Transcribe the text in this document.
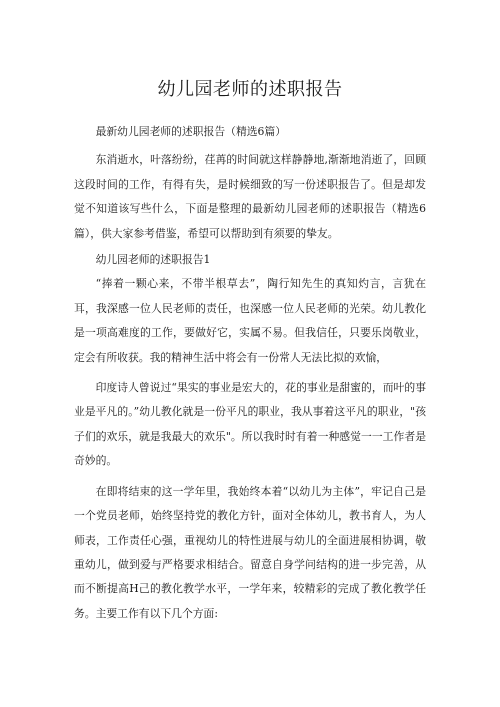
幼儿园老师的述职报告

最新幼儿园老师的述职报告（精选6篇）

东消逝水，叶落纷纷，荏苒的时间就这样静静地,渐渐地消逝了，回顾这段时间的工作，有得有失，是时候细致的写一份述职报告了。但是却发觉不知道该写些什么，下面是整理的最新幼儿园老师的述职报告（精选6篇），供大家参考借鉴，希望可以帮助到有须要的挚友。

幼儿园老师的述职报告1

“捧着一颗心来，不带半根草去”，陶行知先生的真知灼言，言犹在耳，我深感一位人民老师的责任，也深感一位人民老师的光荣。幼儿教化是一项高难度的工作，要做好它，实属不易。但我信任，只要乐岗敬业，定会有所收获。我的精神生活中将会有一份常人无法比拟的欢愉，

印度诗人曾说过“果实的事业是宏大的，花的事业是甜蜜的，而叶的事业是平凡的。”幼儿教化就是一份平凡的职业，我从事着这平凡的职业，"孩子们的欢乐，就是我最大的欢乐"。所以我时时有着一种感觉一一工作者是奇妙的。

在即将结束的这一学年里，我始终本着“以幼儿为主体”，牢记自己是一个党员老师，始终坚持党的教化方针，面对全体幼儿，教书育人，为人师表，工作责任心强，重视幼儿的特性进展与幼儿的全面进展相协调，敬重幼儿，做到爱与严格要求相结合。留意自身学问结构的进一步完善，从而不断提高H己的教化教学水平，一学年来，较精彩的完成了教化教学任务。主要工作有以下几个方面:
